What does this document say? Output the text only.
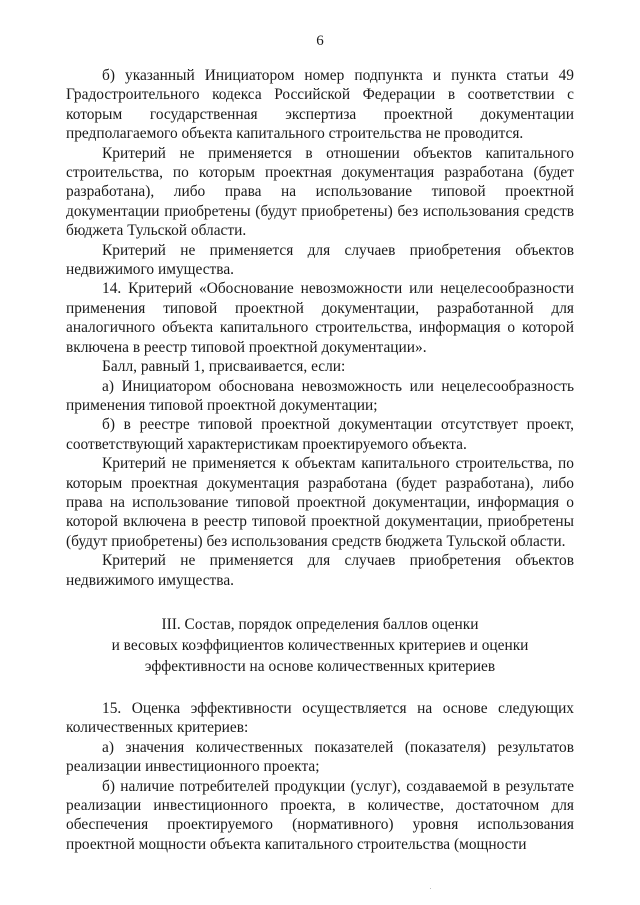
6

б) указанный Инициатором номер подпункта и пункта статьи 49 Градостроительного кодекса Российской Федерации в соответствии с которым государственная экспертиза проектной документации предполагаемого объекта капитального строительства не проводится.

Критерий не применяется в отношении объектов капитального строительства, по которым проектная документация разработана (будет разработана), либо права на использование типовой проектной документации приобретены (будут приобретены) без использования средств бюджета Тульской области.

Критерий не применяется для случаев приобретения объектов недвижимого имущества.

14. Критерий «Обоснование невозможности или нецелесообразности применения типовой проектной документации, разработанной для аналогичного объекта капитального строительства, информация о которой включена в реестр типовой проектной документации».

Балл, равный 1, присваивается, если:

а) Инициатором обоснована невозможность или нецелесообразность применения типовой проектной документации;

б) в реестре типовой проектной документации отсутствует проект, соответствующий характеристикам проектируемого объекта.

Критерий не применяется к объектам капитального строительства, по которым проектная документация разработана (будет разработана), либо права на использование типовой проектной документации, информация о которой включена в реестр типовой проектной документации, приобретены (будут приобретены) без использования средств бюджета Тульской области.

Критерий не применяется для случаев приобретения объектов недвижимого имущества.

III. Состав, порядок определения баллов оценки
и весовых коэффициентов количественных критериев и оценки
эффективности на основе количественных критериев

15. Оценка эффективности осуществляется на основе следующих количественных критериев:

а) значения количественных показателей (показателя) результатов реализации инвестиционного проекта;

б) наличие потребителей продукции (услуг), создаваемой в результате реализации инвестиционного проекта, в количестве, достаточном для обеспечения проектируемого (нормативного) уровня использования проектной мощности объекта капитального строительства (мощности
